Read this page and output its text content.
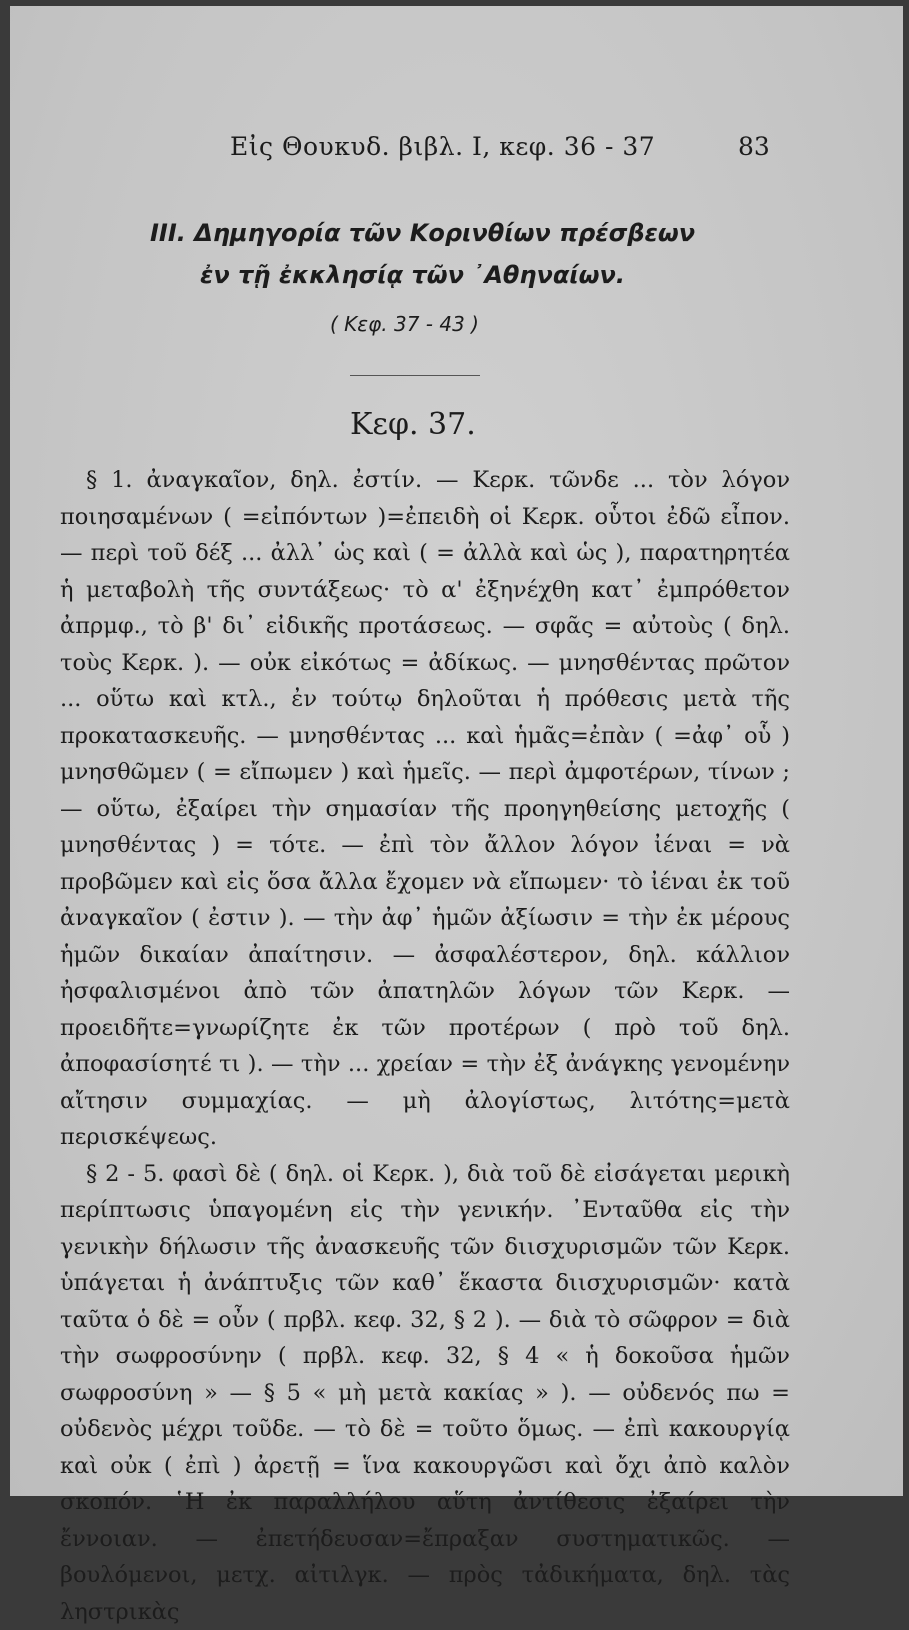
Εἰς Θουκυδ. βιβλ. I, κεφ. 36 - 37	83
III. Δημηγορία τῶν Κορινθίων πρέσβεων
ἐν τῇ ἐκκλησίᾳ τῶν ᾿Αθηναίων.
( Κεφ. 37 - 43 )
Κεφ. 37.

§ 1. ἀναγκαῖον, δηλ. ἐστίν. — Κερκ. τῶνδε ... τὸν λόγον ποιησαμένων ( =εἰπόντων )=ἐπειδὴ οἱ Κερκ. οὗτοι ἐδῶ εἶπον. — περὶ τοῦ δέξ ... ἀλλ᾿ ὡς καὶ ( = ἀλλὰ καὶ ὡς ), παρατηρητέα ἡ μεταβολὴ τῆς συντάξεως· τὸ α' ἐξηνέχθη κατ᾿ ἐμπρόθετον ἀπρμφ., τὸ β' δι᾿ εἰδικῆς προτάσεως. — σφᾶς = αὐτοὺς ( δηλ. τοὺς Κερκ. ). — οὐκ εἰκότως = ἀδίκως. — μνησθέντας πρῶτον ... οὕτω καὶ κτλ., ἐν τούτῳ δηλοῦται ἡ πρόθεσις μετὰ τῆς προκατασκευῆς. — μνησθέντας ... καὶ ἡμᾶς=ἐπὰν ( =ἀφ᾿ οὗ ) μνησθῶμεν ( = εἴπωμεν ) καὶ ἡμεῖς. — περὶ ἀμφοτέρων, τίνων ; — οὕτω, ἐξαίρει τὴν σημασίαν τῆς προηγηθείσης μετοχῆς ( μνησθέντας ) = τότε. — ἐπὶ τὸν ἄλλον λόγον ἰέναι = νὰ προβῶμεν καὶ εἰς ὅσα ἄλλα ἔχομεν νὰ εἴπωμεν· τὸ ἰέναι ἐκ τοῦ ἀναγκαῖον ( ἐστιν ). — τὴν ἀφ᾿ ἡμῶν ἀξίωσιν = τὴν ἐκ μέρους ἡμῶν δικαίαν ἀπαίτησιν. — ἀσφαλέστερον, δηλ. κάλλιον ἠσφαλισμένοι ἀπὸ τῶν ἀπατηλῶν λόγων τῶν Κερκ. — προειδῆτε=γνωρίζητε ἐκ τῶν προτέρων ( πρὸ τοῦ δηλ. ἀποφασίσητέ τι ). — τὴν ... χρείαν = τὴν ἐξ ἀνάγκης γενομένην αἴτησιν συμμαχίας. — μὴ ἀλογίστως, λιτότης=μετὰ περισκέψεως.

§ 2 - 5. φασὶ δὲ ( δηλ. οἱ Κερκ. ), διὰ τοῦ δὲ εἰσάγεται μερικὴ περίπτωσις ὑπαγομένη εἰς τὴν γενικήν. ᾿Ενταῦθα εἰς τὴν γενικὴν δήλωσιν τῆς ἀνασκευῆς τῶν διισχυρισμῶν τῶν Κερκ. ὑπάγεται ἡ ἀνάπτυξις τῶν καθ᾿ ἕκαστα διισχυρισμῶν· κατὰ ταῦτα ὁ δὲ = οὖν ( πρβλ. κεφ. 32, § 2 ). — διὰ τὸ σῶφρον = διὰ τὴν σωφροσύνην ( πρβλ. κεφ. 32, § 4 « ἡ δοκοῦσα ἡμῶν σωφροσύνη » — § 5 « μὴ μετὰ κακίας » ). — οὐδενός πω = οὐδενὸς μέχρι τοῦδε. — τὸ δὲ = τοῦτο ὅμως. — ἐπὶ κακουργίᾳ καὶ οὐκ ( ἐπὶ ) ἀρετῇ = ἵνα κακουργῶσι καὶ ὄχι ἀπὸ καλὸν σκοπόν. ῾Η ἐκ παραλλήλου αὕτη ἀντίθεσις ἐξαίρει τὴν ἔννοιαν. — ἐπετήδευσαν=ἔπραξαν συστηματικῶς. — βουλόμενοι, μετχ. αἰτιλγκ. — πρὸς τἀδικήματα, δηλ. τὰς ληστρικὰς
